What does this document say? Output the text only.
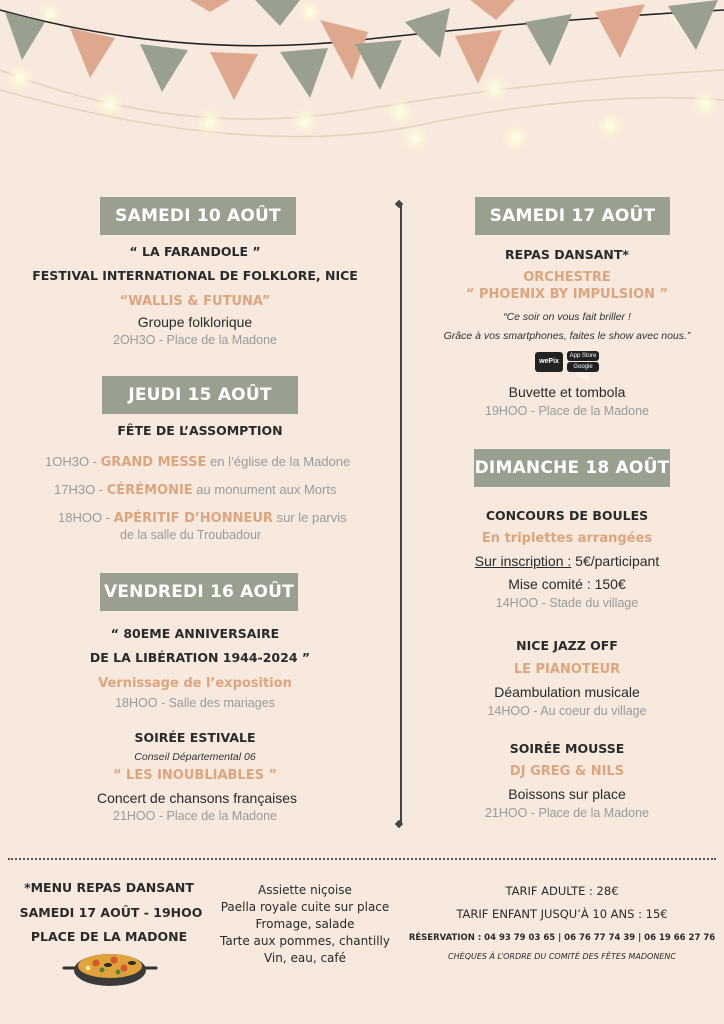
SAMEDI 10 AOÛT
“ LA FARANDOLE ”
FESTIVAL INTERNATIONAL DE FOLKLORE, NICE
“WALLIS & FUTUNA”
Groupe folklorique
2OH3O - Place de la Madone
JEUDI 15 AOÛT
FÊTE DE L’ASSOMPTION
1OH3O - GRAND MESSE en l’église de la Madone
17H3O - CÉRÉMONIE au monument aux Morts
18HOO - APÉRITIF D’HONNEUR sur le parvis
de la salle du Troubadour
VENDREDI 16 AOÛT
“ 80EME ANNIVERSAIRE
DE LA LIBÉRATION 1944-2024 ”
Vernissage de l’exposition
18HOO - Salle des mariages
SOIRÉE ESTIVALE
Conseil Départemental 06
“ LES INOUBLIABLES ”
Concert de chansons françaises
21HOO - Place de la Madone
SAMEDI 17 AOÛT
REPAS DANSANT*
ORCHESTRE
“ PHOENIX BY IMPULSION ”
“Ce soir on vous fait briller !
Grâce à vos smartphones, faites le show avec nous.”
wePix
App Store
Google Play
Buvette et tombola
19HOO - Place de la Madone
DIMANCHE 18 AOÛT
CONCOURS DE BOULES
En triplettes arrangées
Sur inscription : 5€/participant
Mise comité : 150€
14HOO - Stade du village
NICE JAZZ OFF
LE PIANOTEUR
Déambulation musicale
14HOO - Au coeur du village
SOIRÉE MOUSSE
DJ GREG & NILS
Boissons sur place
21HOO - Place de la Madone
*MENU REPAS DANSANT
SAMEDI 17 AOÛT - 19HOO
PLACE DE LA MADONE
Assiette niçoise
Paella royale cuite sur place
Fromage, salade
Tarte aux pommes, chantilly
Vin, eau, café
TARIF ADULTE : 28€
TARIF ENFANT JUSQU’À 10 ANS : 15€
RÉSERVATION : 04 93 79 03 65 | 06 76 77 74 39 | 06 19 66 27 76
CHÈQUES À L’ORDRE DU COMITÉ DES FÊTES MADONENC
